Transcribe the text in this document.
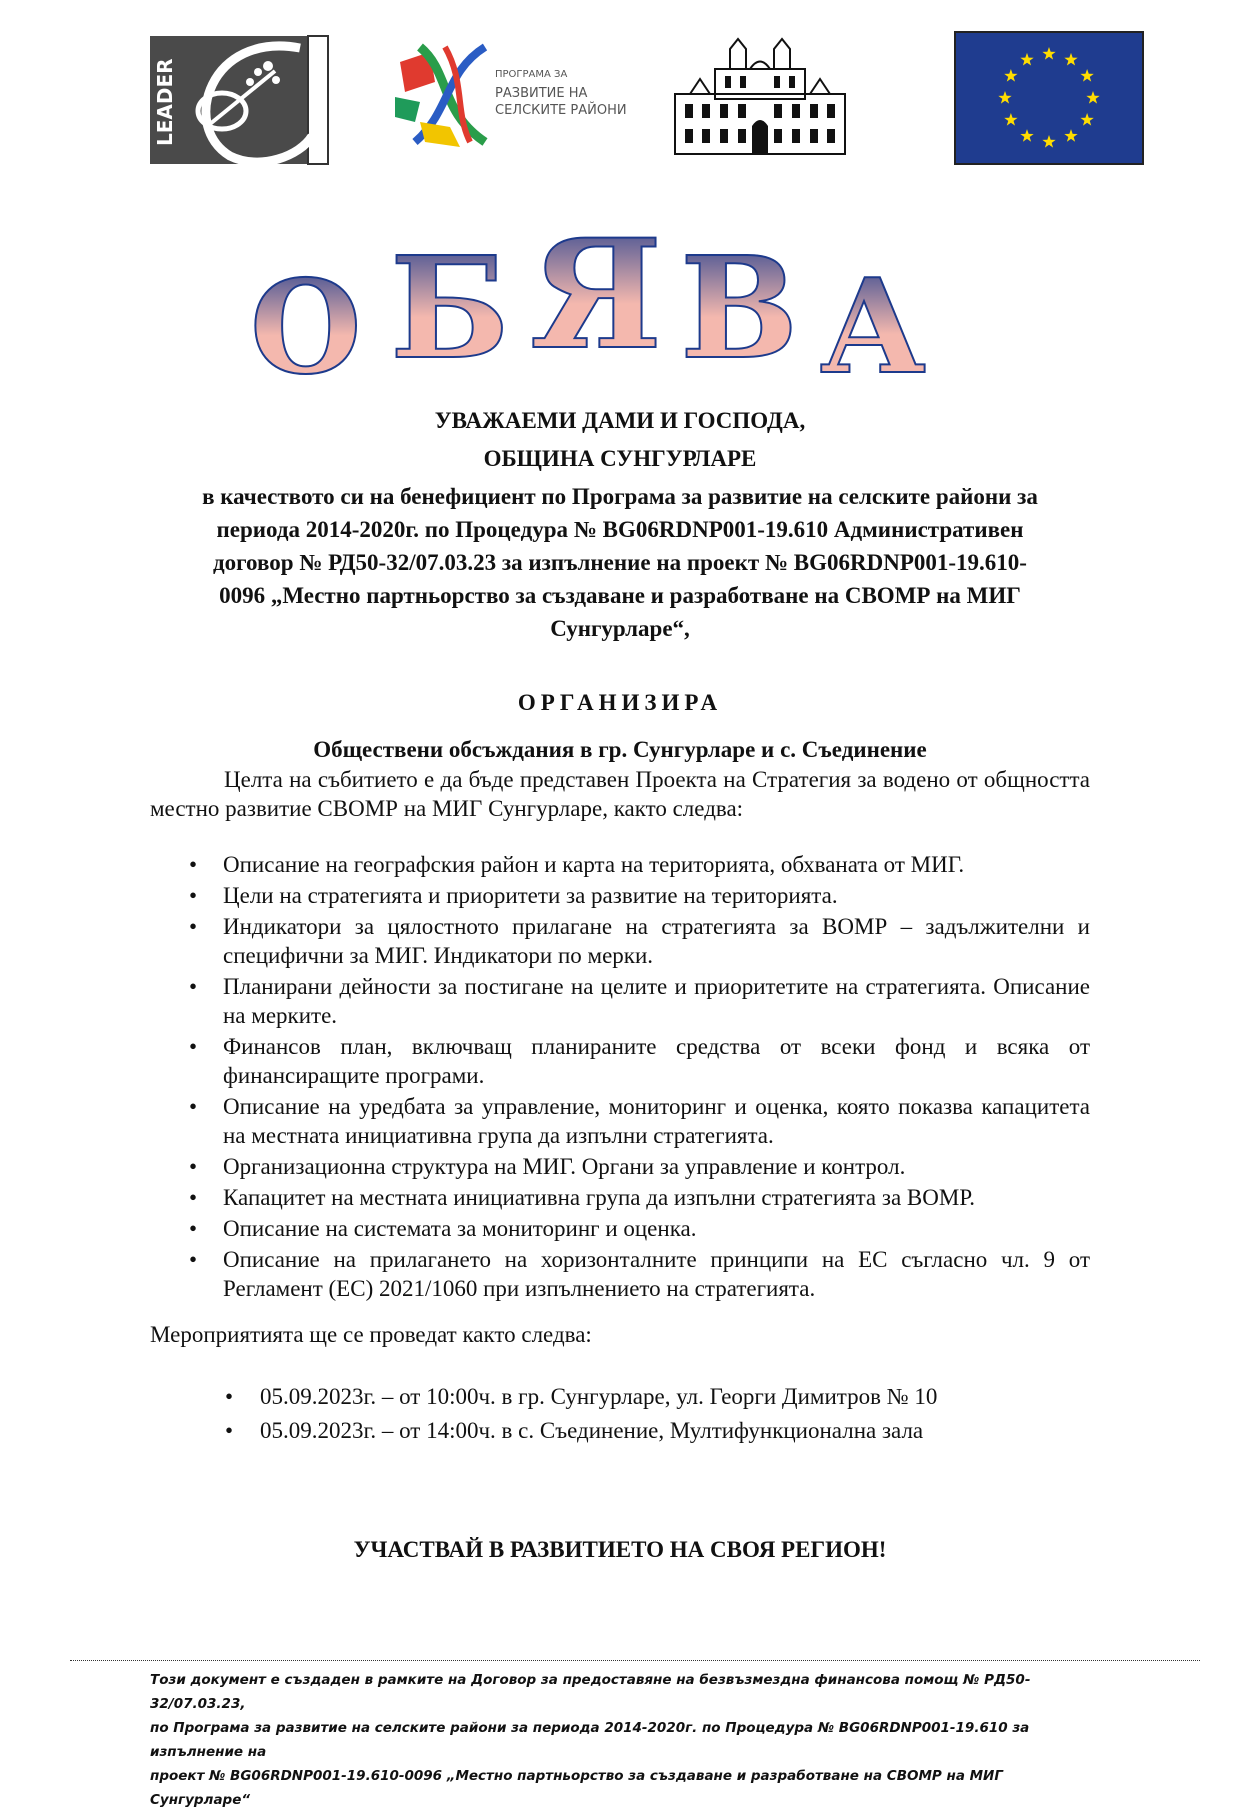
LEADER	ПРОГРАМА ЗА
РАЗВИТИЕ НА
СЕЛСКИТЕ РАЙОНИ
О Б Я В А
УВАЖАЕМИ ДАМИ И ГОСПОДА,
ОБЩИНА СУНГУРЛАРЕ
в качеството си на бенефициент по Програма за развитие на селските райони за
периода 2014-2020г. по Процедура № BG06RDNP001-19.610 Административен
договор № РД50-32/07.03.23 за изпълнение на проект № BG06RDNP001-19.610-
0096 „Местно партньорство за създаване и разработване на СВОМР на МИГ
Сунгурларе“,
ОРГАНИЗИРА
Обществени обсъждания в гр. Сунгурларе и с. Съединение
Целта на събитието е да бъде представен Проекта на Стратегия за водено от общността местно развитие СВОМР на МИГ Сунгурларе, както следва:
• Описание на географския район и карта на територията, обхваната от МИГ.
• Цели на стратегията и приоритети за развитие на територията.
• Индикатори за цялостното прилагане на стратегията за ВОМР – задължителни и специфични за МИГ. Индикатори по мерки.
• Планирани дейности за постигане на целите и приоритетите на стратегията. Описание на мерките.
• Финансов план, включващ планираните средства от всеки фонд и всяка от финансиращите програми.
• Описание на уредбата за управление, мониторинг и оценка, която показва капацитета на местната инициативна група да изпълни стратегията.
• Организационна структура на МИГ. Органи за управление и контрол.
• Капацитет на местната инициативна група да изпълни стратегията за ВОМР.
• Описание на системата за мониторинг и оценка.
• Описание на прилагането на хоризонталните принципи на ЕС съгласно чл. 9 от Регламент (ЕС) 2021/1060 при изпълнението на стратегията.
Мероприятията ще се проведат както следва:
• 05.09.2023г. – от 10:00ч. в гр. Сунгурларе, ул. Георги Димитров № 10
• 05.09.2023г. – от 14:00ч. в с. Съединение, Мултифункционална зала
УЧАСТВАЙ В РАЗВИТИЕТО НА СВОЯ РЕГИОН!
Този документ е създаден в рамките на Договор за предоставяне на безвъзмездна финансова помощ № РД50-32/07.03.23,
по Програма за развитие на селските райони за периода 2014-2020г. по Процедура № BG06RDNP001-19.610 за изпълнение на
проект № BG06RDNP001-19.610-0096 „Местно партньорство за създаване и разработване на СВОМР на МИГ Сунгурларе“
